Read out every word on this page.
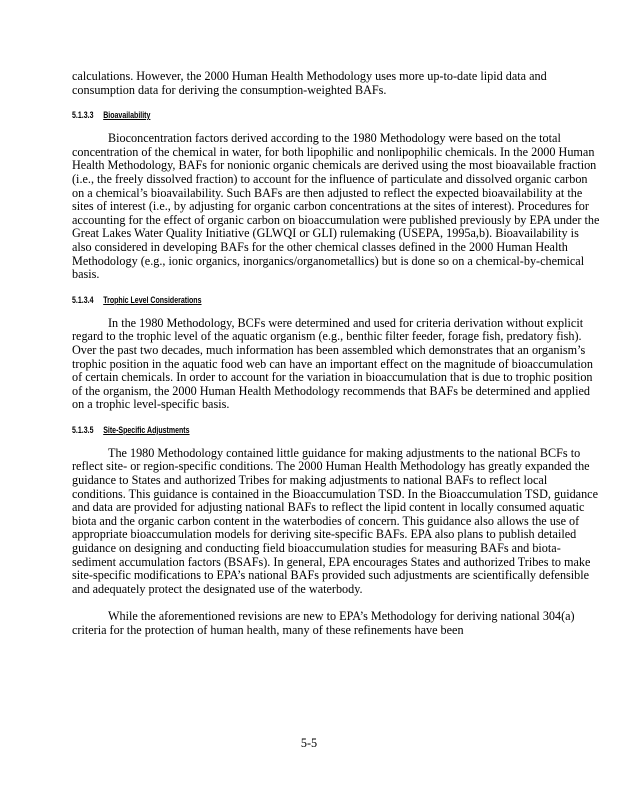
calculations. However, the 2000 Human Health Methodology uses more up-to-date lipid data and consumption data for deriving the consumption-weighted BAFs.

5.1.3.3 Bioavailability

Bioconcentration factors derived according to the 1980 Methodology were based on the total concentration of the chemical in water, for both lipophilic and nonlipophilic chemicals. In the 2000 Human Health Methodology, BAFs for nonionic organic chemicals are derived using the most bioavailable fraction (i.e., the freely dissolved fraction) to account for the influence of particulate and dissolved organic carbon on a chemical’s bioavailability. Such BAFs are then adjusted to reflect the expected bioavailability at the sites of interest (i.e., by adjusting for organic carbon concentrations at the sites of interest). Procedures for accounting for the effect of organic carbon on bioaccumulation were published previously by EPA under the Great Lakes Water Quality Initiative (GLWQI or GLI) rulemaking (USEPA, 1995a,b). Bioavailability is also considered in developing BAFs for the other chemical classes defined in the 2000 Human Health Methodology (e.g., ionic organics, inorganics/organometallics) but is done so on a chemical-by-chemical basis.

5.1.3.4 Trophic Level Considerations

In the 1980 Methodology, BCFs were determined and used for criteria derivation without explicit regard to the trophic level of the aquatic organism (e.g., benthic filter feeder, forage fish, predatory fish). Over the past two decades, much information has been assembled which demonstrates that an organism’s trophic position in the aquatic food web can have an important effect on the magnitude of bioaccumulation of certain chemicals. In order to account for the variation in bioaccumulation that is due to trophic position of the organism, the 2000 Human Health Methodology recommends that BAFs be determined and applied on a trophic level-specific basis.

5.1.3.5 Site-Specific Adjustments

The 1980 Methodology contained little guidance for making adjustments to the national BCFs to reflect site- or region-specific conditions. The 2000 Human Health Methodology has greatly expanded the guidance to States and authorized Tribes for making adjustments to national BAFs to reflect local conditions. This guidance is contained in the Bioaccumulation TSD. In the Bioaccumulation TSD, guidance and data are provided for adjusting national BAFs to reflect the lipid content in locally consumed aquatic biota and the organic carbon content in the waterbodies of concern. This guidance also allows the use of appropriate bioaccumulation models for deriving site-specific BAFs. EPA also plans to publish detailed guidance on designing and conducting field bioaccumulation studies for measuring BAFs and biota-sediment accumulation factors (BSAFs). In general, EPA encourages States and authorized Tribes to make site-specific modifications to EPA’s national BAFs provided such adjustments are scientifically defensible and adequately protect the designated use of the waterbody.

While the aforementioned revisions are new to EPA’s Methodology for deriving national 304(a) criteria for the protection of human health, many of these refinements have been

5-5
